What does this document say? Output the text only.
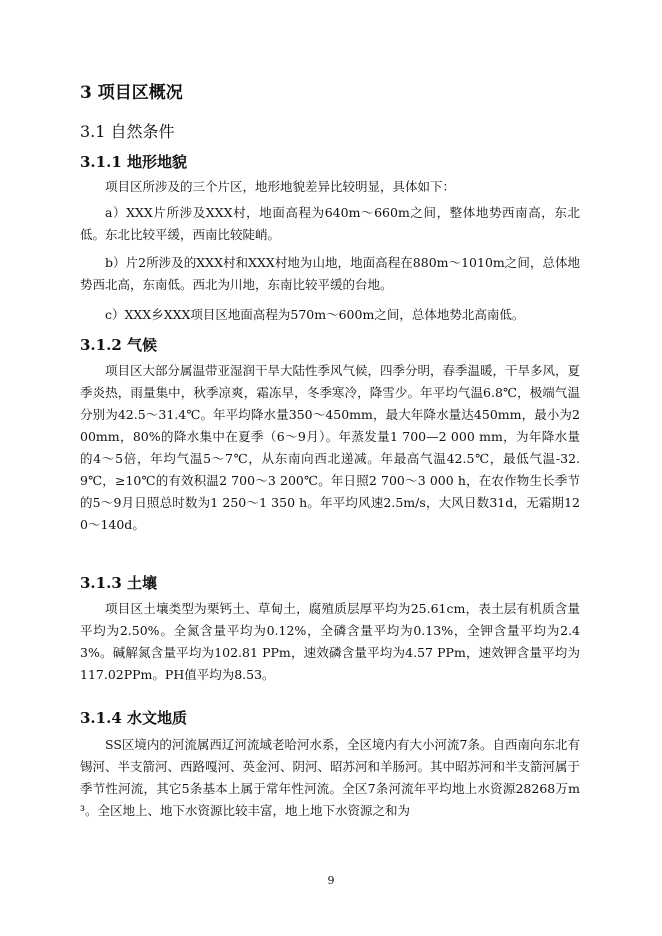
3 项目区概况
3.1 自然条件
3.1.1 地形地貌
项目区所涉及的三个片区，地形地貌差异比较明显，具体如下：
a）XXX片所涉及XXX村，地面高程为640m～660m之间，整体地势西南高，东北低。东北比较平缓，西南比较陡峭。
b）片2所涉及的XXX村和XXX村地为山地，地面高程在880m～1010m之间，总体地势西北高，东南低。西北为川地，东南比较平缓的台地。
c）XXX乡XXX项目区地面高程为570m～600m之间，总体地势北高南低。
3.1.2 气候
项目区大部分属温带亚湿润干旱大陆性季风气候，四季分明，春季温暖，干旱多风，夏季炎热，雨量集中，秋季凉爽，霜冻早，冬季寒冷，降雪少。年平均气温6.8℃，极端气温分别为42.5～31.4℃。年平均降水量350～450mm，最大年降水量达450mm，最小为200mm，80%的降水集中在夏季（6～9月）。年蒸发量1 700—2 000 mm，为年降水量的4～5倍，年均气温5～7℃，从东南向西北递减。年最高气温42.5℃，最低气温-32.9℃，≥10℃的有效积温2 700～3 200℃。年日照2 700～3 000 h，在农作物生长季节的5～9月日照总时数为1 250～1 350 h。年平均风速2.5m/s，大风日数31d，无霜期120～140d。
3.1.3 土壤
项目区土壤类型为栗钙土、草甸土，腐殖质层厚平均为25.61cm，表土层有机质含量平均为2.50%。全氮含量平均为0.12%，全磷含量平均为0.13%，全钾含量平均为2.43%。碱解氮含量平均为102.81 PPm，速效磷含量平均为4.57 PPm，速效钾含量平均为117.02PPm。PH值平均为8.53。
3.1.4 水文地质
SS区境内的河流属西辽河流域老哈河水系，全区境内有大小河流7条。自西南向东北有锡河、半支箭河、西路嘎河、英金河、阴河、昭苏河和羊肠河。其中昭苏河和半支箭河属于季节性河流，其它5条基本上属于常年性河流。全区7条河流年平均地上水资源28268万m³。全区地上、地下水资源比较丰富，地上地下水资源之和为
9
